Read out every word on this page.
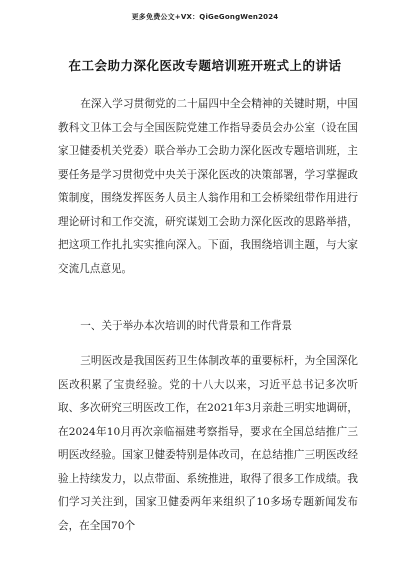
更多免费公文+VX：QiGeGongWen2024
在工会助力深化医改专题培训班开班式上的讲话

在深入学习贯彻党的二十届四中全会精神的关键时期，中国教科文卫体工会与全国医院党建工作指导委员会办公室（设在国家卫健委机关党委）联合举办工会助力深化医改专题培训班，主要任务是学习贯彻党中央关于深化医改的决策部署，学习掌握政策制度，围绕发挥医务人员主人翁作用和工会桥梁纽带作用进行理论研讨和工作交流，研究谋划工会助力深化医改的思路举措，把这项工作扎扎实实推向深入。下面，我围绕培训主题，与大家交流几点意见。

一、关于举办本次培训的时代背景和工作背景

三明医改是我国医药卫生体制改革的重要标杆，为全国深化医改积累了宝贵经验。党的十八大以来，习近平总书记多次听取、多次研究三明医改工作，在2021年3月亲赴三明实地调研，在2024年10月再次亲临福建考察指导，要求在全国总结推广三明医改经验。国家卫健委特别是体改司，在总结推广三明医改经验上持续发力，以点带面、系统推进，取得了很多工作成绩。我们学习关注到，国家卫健委两年来组织了10多场专题新闻发布会，在全国70个
